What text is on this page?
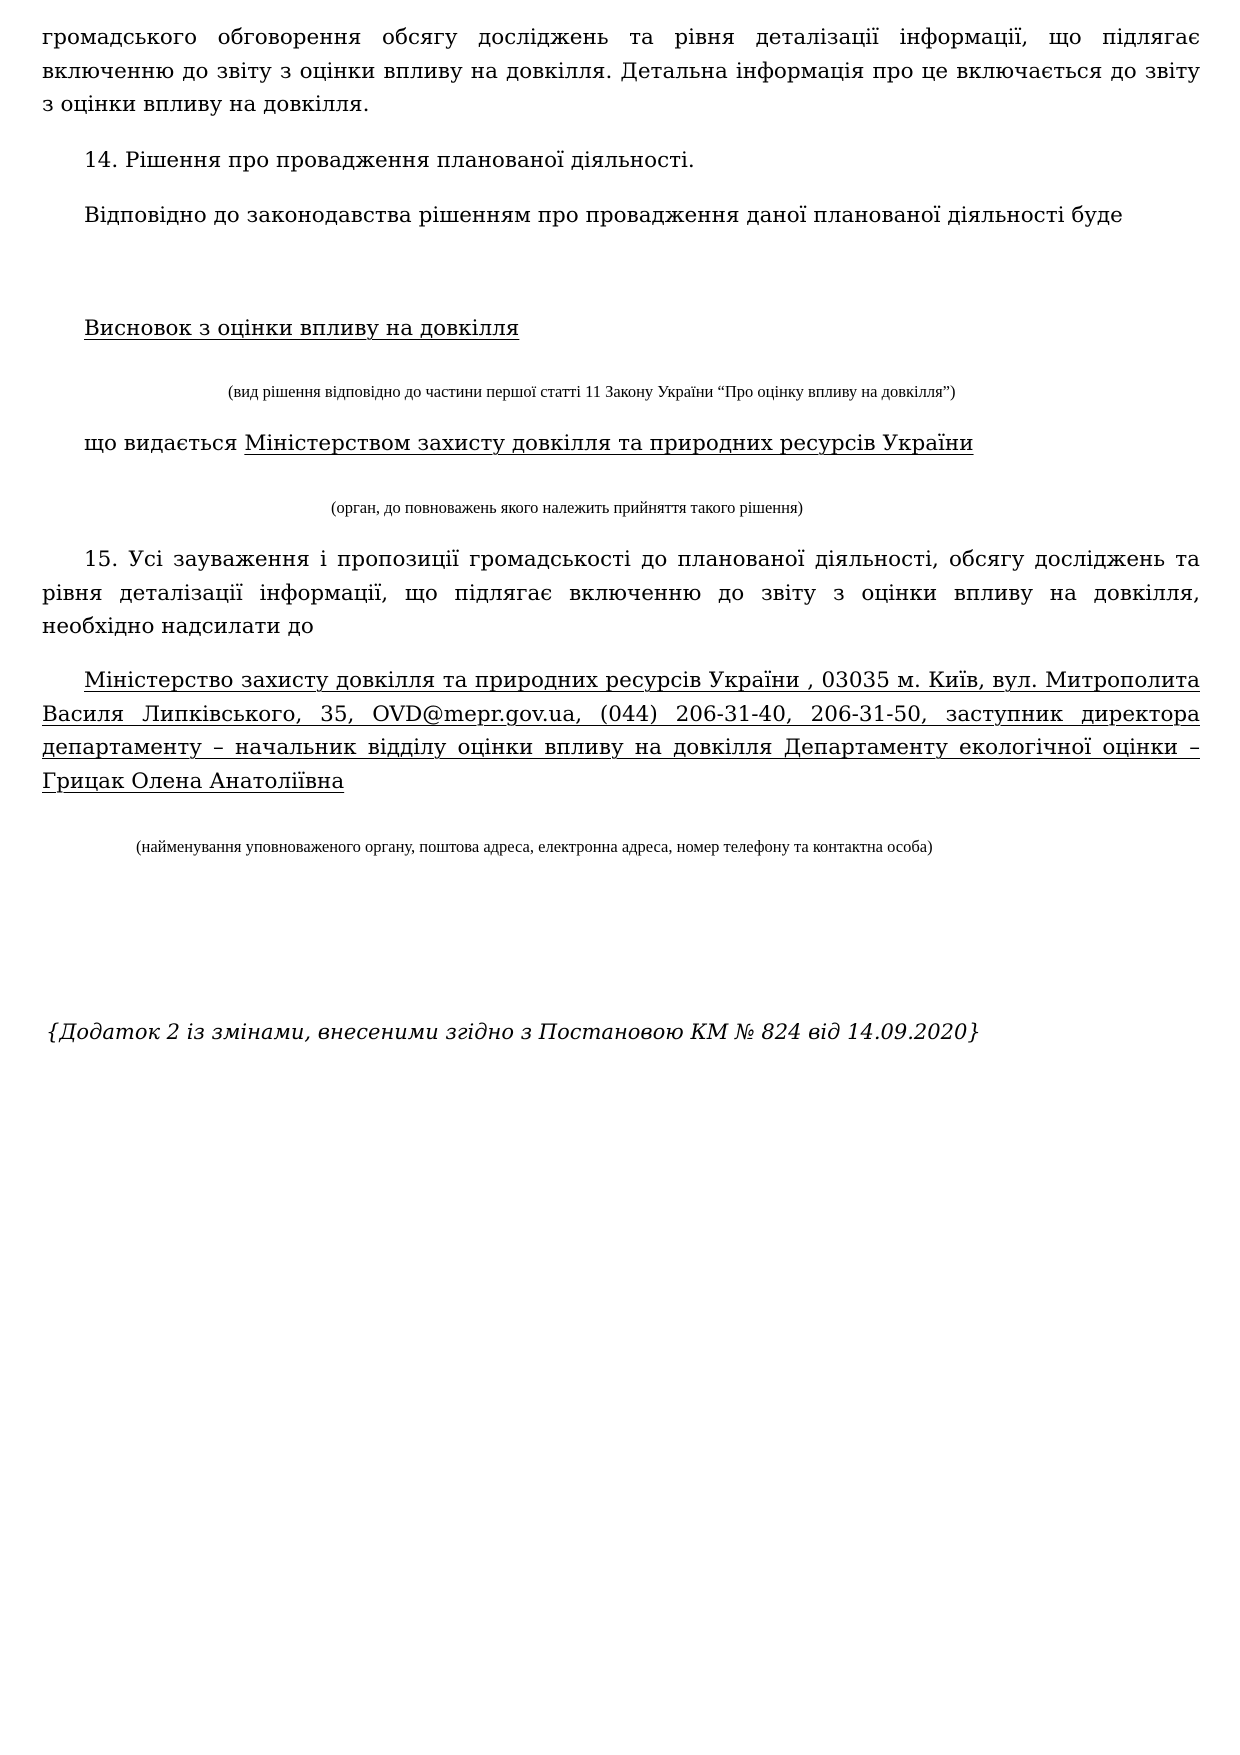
громадського обговорення обсягу досліджень та рівня деталізації інформації, що підлягає включенню до звіту з оцінки впливу на довкілля. Детальна інформація про це включається до звіту з оцінки впливу на довкілля.

14. Рішення про провадження планованої діяльності.

Відповідно до законодавства рішенням про провадження даної планованої діяльності буде

Висновок з оцінки впливу на довкілля

(вид рішення відповідно до частини першої статті 11 Закону України “Про оцінку впливу на довкілля”)

що видається Міністерством захисту довкілля та природних ресурсів України

(орган, до повноважень якого належить прийняття такого рішення)

15. Усі зауваження і пропозиції громадськості до планованої діяльності, обсягу досліджень та рівня деталізації інформації, що підлягає включенню до звіту з оцінки впливу на довкілля, необхідно надсилати до

Міністерство захисту довкілля та природних ресурсів України , 03035 м. Київ, вул. Митрополита Василя Липківського, 35, OVD@mepr.gov.ua, (044) 206-31-40, 206-31-50, заступник директора департаменту – начальник відділу оцінки впливу на довкілля Департаменту екологічної оцінки – Грицак Олена Анатоліївна

(найменування уповноваженого органу, поштова адреса, електронна адреса, номер телефону та контактна особа)

{Додаток 2 із змінами, внесеними згідно з Постановою КМ № 824 від 14.09.2020}
